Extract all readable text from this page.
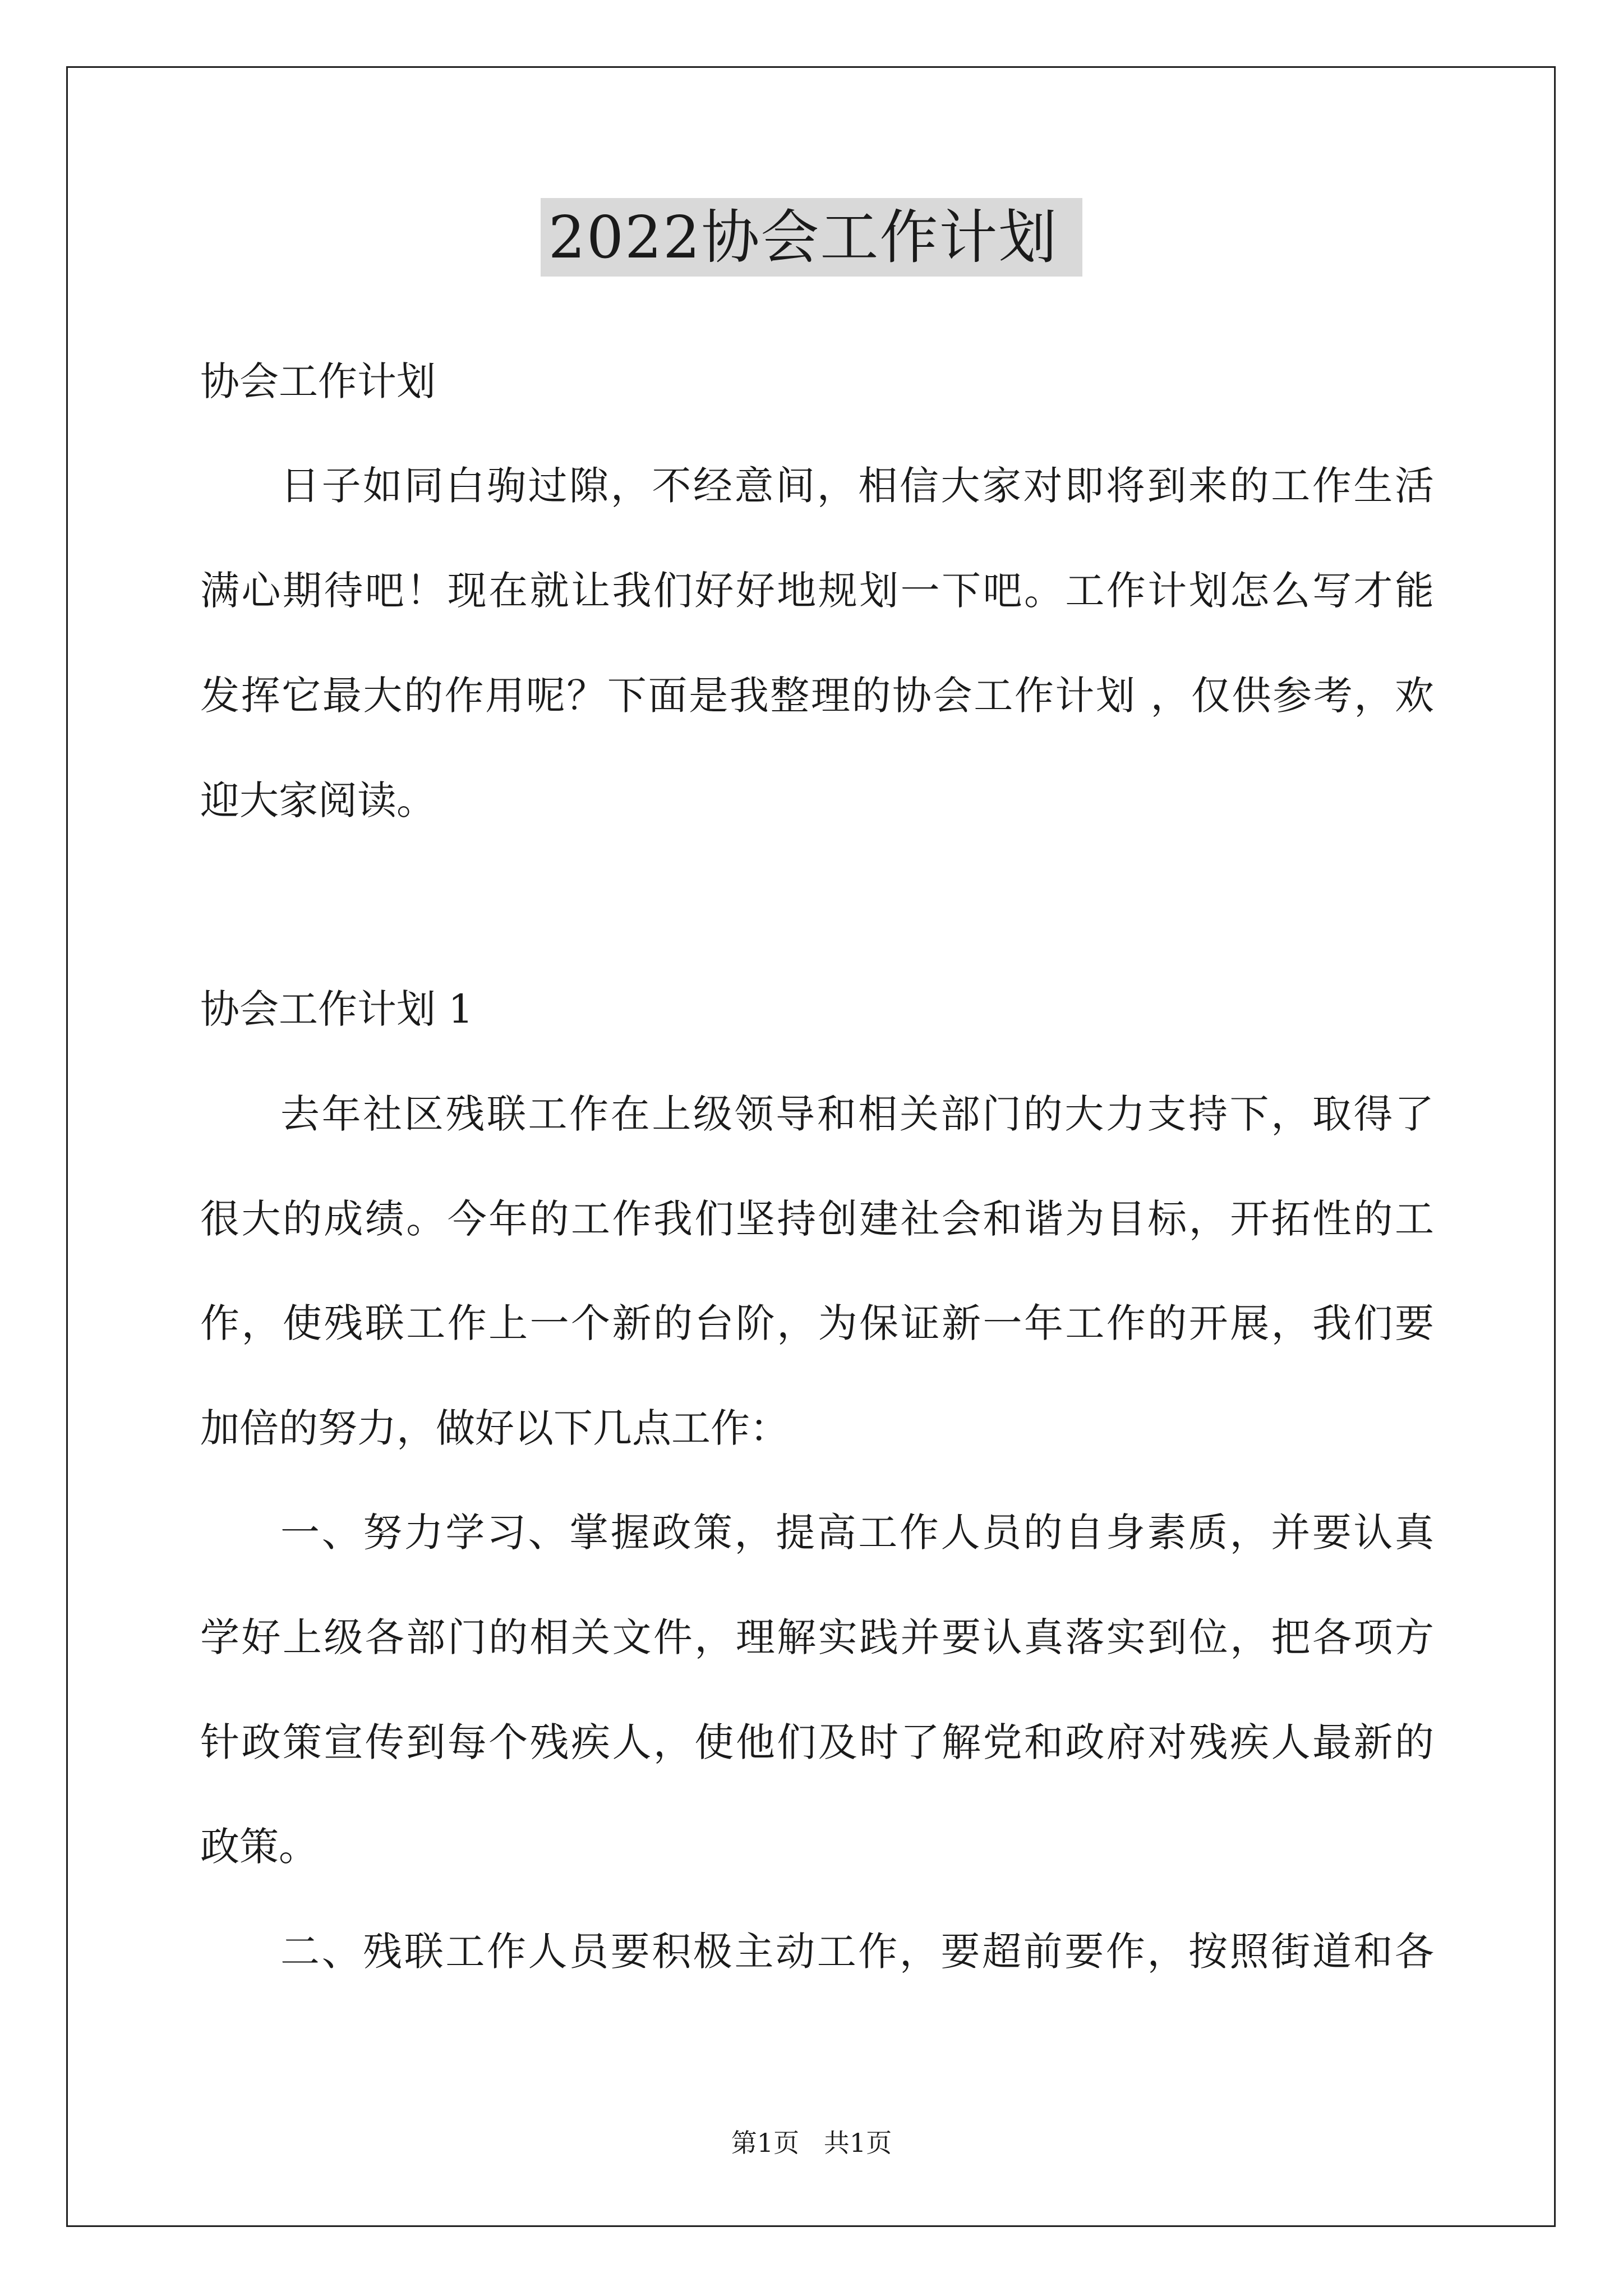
2022协会工作计划
协会工作计划
日子如同白驹过隙，不经意间，相信大家对即将到来的工作生活
满心期待吧！现在就让我们好好地规划一下吧。工作计划怎么写才能
发挥它最大的作用呢？下面是我整理的协会工作计划 ，仅供参考，欢
迎大家阅读。
协会工作计划 1
去年社区残联工作在上级领导和相关部门的大力支持下，取得了
很大的成绩。今年的工作我们坚持创建社会和谐为目标，开拓性的工
作，使残联工作上一个新的台阶，为保证新一年工作的开展，我们要
加倍的努力，做好以下几点工作：
一、努力学习、掌握政策，提高工作人员的自身素质，并要认真
学好上级各部门的相关文件，理解实践并要认真落实到位，把各项方
针政策宣传到每个残疾人，使他们及时了解党和政府对残疾人最新的
政策。
二、残联工作人员要积极主动工作，要超前要作，按照街道和各
第1页   共1页
